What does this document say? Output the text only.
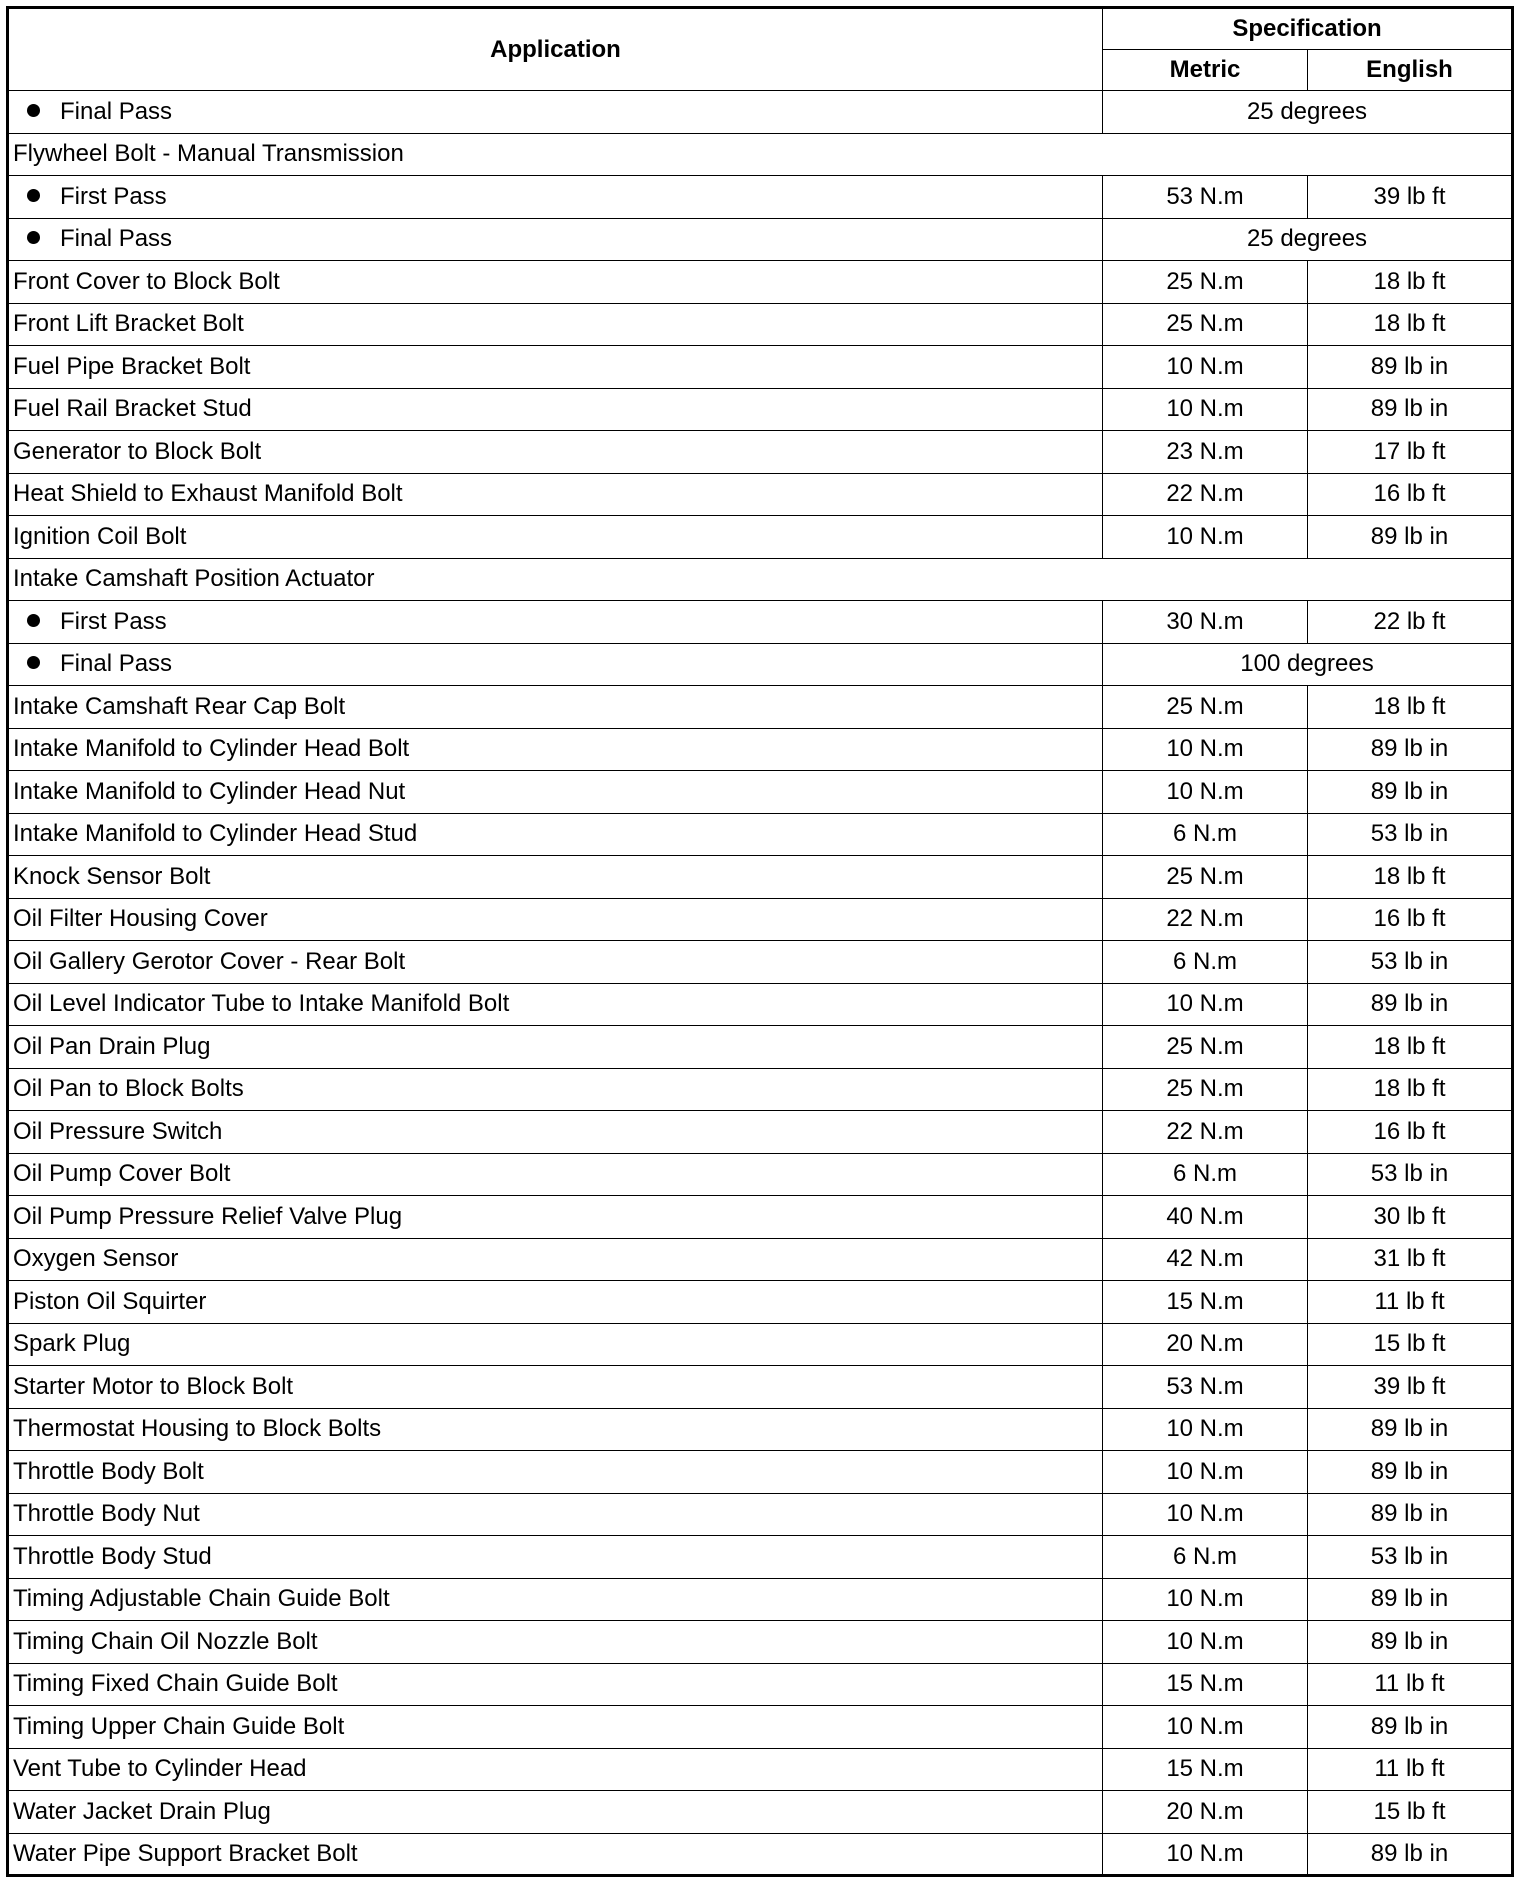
Application	Specification	
	Metric	English
Final Pass	25 degrees	
Flywheel Bolt - Manual Transmission		
First Pass	53 N.m	39 lb ft
Final Pass	25 degrees	
Front Cover to Block Bolt	25 N.m	18 lb ft
Front Lift Bracket Bolt	25 N.m	18 lb ft
Fuel Pipe Bracket Bolt	10 N.m	89 lb in
Fuel Rail Bracket Stud	10 N.m	89 lb in
Generator to Block Bolt	23 N.m	17 lb ft
Heat Shield to Exhaust Manifold Bolt	22 N.m	16 lb ft
Ignition Coil Bolt	10 N.m	89 lb in
Intake Camshaft Position Actuator		
First Pass	30 N.m	22 lb ft
Final Pass	100 degrees	
Intake Camshaft Rear Cap Bolt	25 N.m	18 lb ft
Intake Manifold to Cylinder Head Bolt	10 N.m	89 lb in
Intake Manifold to Cylinder Head Nut	10 N.m	89 lb in
Intake Manifold to Cylinder Head Stud	6 N.m	53 lb in
Knock Sensor Bolt	25 N.m	18 lb ft
Oil Filter Housing Cover	22 N.m	16 lb ft
Oil Gallery Gerotor Cover - Rear Bolt	6 N.m	53 lb in
Oil Level Indicator Tube to Intake Manifold Bolt	10 N.m	89 lb in
Oil Pan Drain Plug	25 N.m	18 lb ft
Oil Pan to Block Bolts	25 N.m	18 lb ft
Oil Pressure Switch	22 N.m	16 lb ft
Oil Pump Cover Bolt	6 N.m	53 lb in
Oil Pump Pressure Relief Valve Plug	40 N.m	30 lb ft
Oxygen Sensor	42 N.m	31 lb ft
Piston Oil Squirter	15 N.m	11 lb ft
Spark Plug	20 N.m	15 lb ft
Starter Motor to Block Bolt	53 N.m	39 lb ft
Thermostat Housing to Block Bolts	10 N.m	89 lb in
Throttle Body Bolt	10 N.m	89 lb in
Throttle Body Nut	10 N.m	89 lb in
Throttle Body Stud	6 N.m	53 lb in
Timing Adjustable Chain Guide Bolt	10 N.m	89 lb in
Timing Chain Oil Nozzle Bolt	10 N.m	89 lb in
Timing Fixed Chain Guide Bolt	15 N.m	11 lb ft
Timing Upper Chain Guide Bolt	10 N.m	89 lb in
Vent Tube to Cylinder Head	15 N.m	11 lb ft
Water Jacket Drain Plug	20 N.m	15 lb ft
Water Pipe Support Bracket Bolt	10 N.m	89 lb in
